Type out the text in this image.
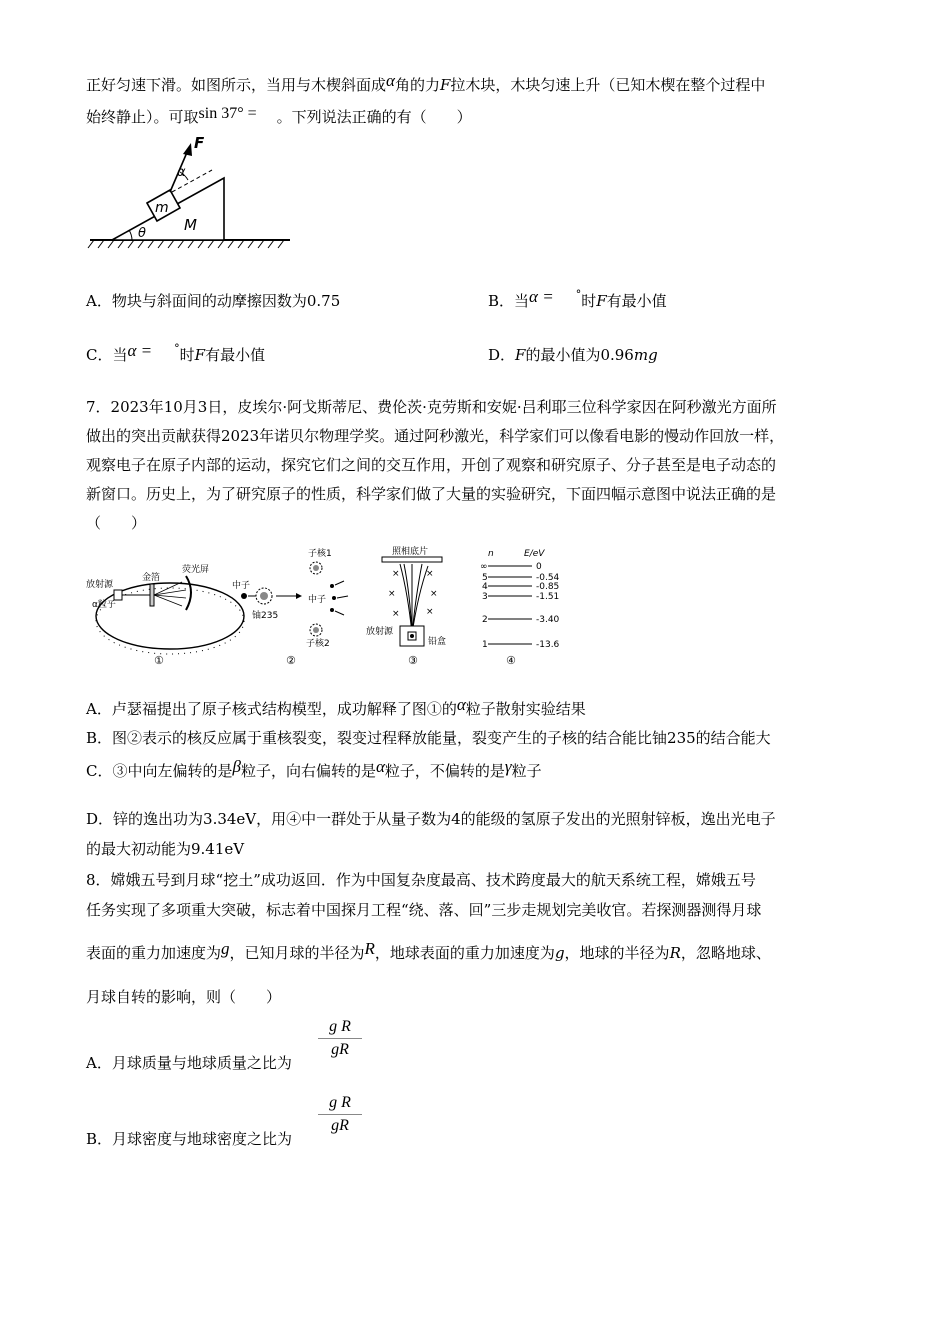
正好匀速下滑。如图所示，当用与木楔斜面成α角的力F拉木块，木块匀速上升（已知木楔在整个过程中
始终静止）。可取sin 37° = 。下列说法正确的有（　　）
θ	M
m
α
F
A．物块与斜面间的动摩擦因数为0.75	B．当α = °时F有最小值
C．当α = °时F有最小值	D．F的最小值为0.96mg
7．2023年10月3日，皮埃尔·阿戈斯蒂尼、费伦茨·克劳斯和安妮·吕利耶三位科学家因在阿秒激光方面所
做出的突出贡献获得2023年诺贝尔物理学奖。通过阿秒激光，科学家们可以像看电影的慢动作回放一样，
观察电子在原子内部的运动，探究它们之间的交互作用，开创了观察和研究原子、分子甚至是电子动态的
新窗口。历史上，为了研究原子的性质，科学家们做了大量的实验研究，下面四幅示意图中说法正确的是
（　　）
放射源
金箔
荧光屏
α粒子
①
中子
铀235
子核1
中子
子核2
②
照相底片
×	×
×	×
×	×
放射源
铅盒
③
n	E/eV
∞	0
5	-0.54
4	-0.85
3	-1.51
2	-3.40
1	-13.6
④
A．卢瑟福提出了原子核式结构模型，成功解释了图①的α粒子散射实验结果
B．图②表示的核反应属于重核裂变，裂变过程释放能量，裂变产生的子核的结合能比铀235的结合能大
C．③中向左偏转的是β粒子，向右偏转的是α粒子，不偏转的是γ粒子
D．锌的逸出功为3.34eV，用④中一群处于从量子数为4的能级的氢原子发出的光照射锌板，逸出光电子
的最大初动能为9.41eV
8．嫦娥五号到月球“挖土”成功返回．作为中国复杂度最高、技术跨度最大的航天系统工程，嫦娥五号
任务实现了多项重大突破，标志着中国探月工程“绕、落、回”三步走规划完美收官。若探测器测得月球
表面的重力加速度为g，已知月球的半径为R，地球表面的重力加速度为g，地球的半径为R，忽略地球、
月球自转的影响，则（　　）
$\frac{\text{g R}}{gR}$
A．月球质量与地球质量之比为
$\frac{\text{g R}}{gR}$
B．月球密度与地球密度之比为
